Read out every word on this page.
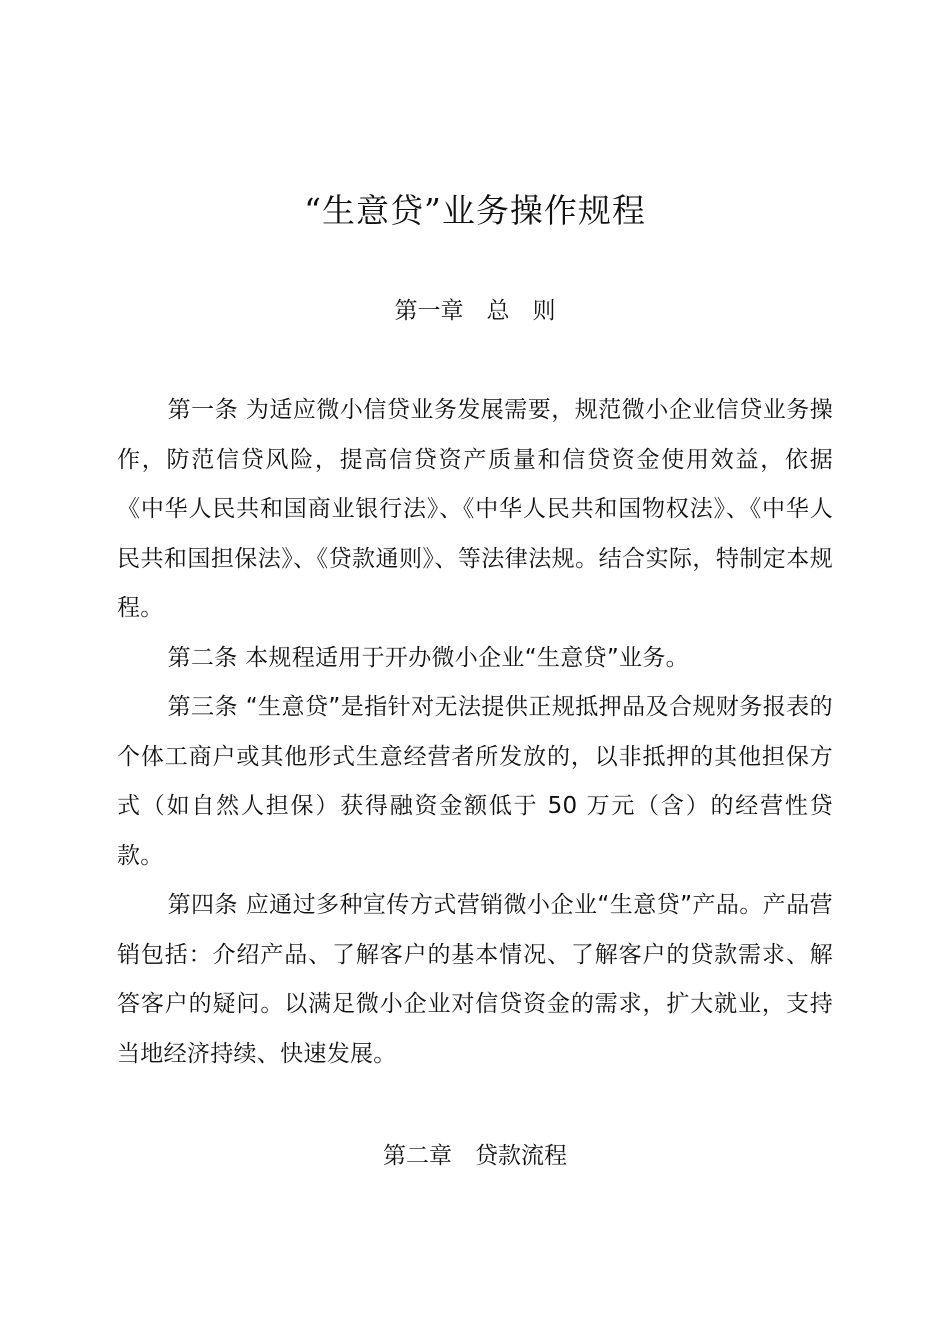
“生意贷”业务操作规程
第一章　总　则

第一条 为适应微小信贷业务发展需要，规范微小企业信贷业务操作，防范信贷风险，提高信贷资产质量和信贷资金使用效益，依据《中华人民共和国商业银行法》、《中华人民共和国物权法》、《中华人民共和国担保法》、《贷款通则》、等法律法规。结合实际，特制定本规程。

第二条 本规程适用于开办微小企业“生意贷”业务。

第三条 “生意贷”是指针对无法提供正规抵押品及合规财务报表的个体工商户或其他形式生意经营者所发放的，以非抵押的其他担保方式（如自然人担保）获得融资金额低于 50 万元（含）的经营性贷款。

第四条 应通过多种宣传方式营销微小企业“生意贷”产品。产品营销包括：介绍产品、了解客户的基本情况、了解客户的贷款需求、解答客户的疑问。以满足微小企业对信贷资金的需求，扩大就业，支持当地经济持续、快速发展。

第二章　贷款流程
